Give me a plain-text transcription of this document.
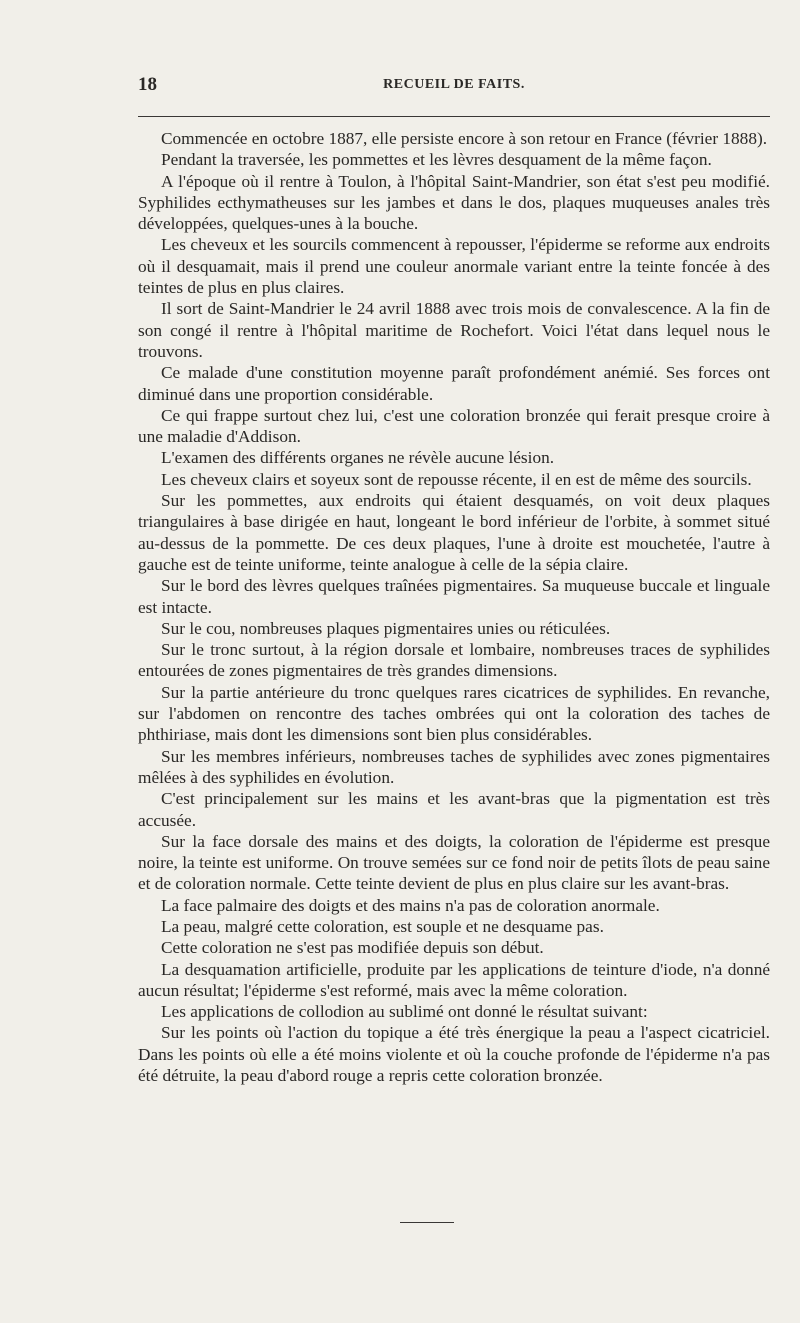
18	RECUEIL DE FAITS.

Commencée en octobre 1887, elle persiste encore à son retour en France (février 1888).

Pendant la traversée, les pommettes et les lèvres desquament de la même façon.

A l'époque où il rentre à Toulon, à l'hôpital Saint-Mandrier, son état s'est peu modifié. Syphilides ecthymatheuses sur les jambes et dans le dos, plaques muqueuses anales très développées, quelques-unes à la bouche.

Les cheveux et les sourcils commencent à repousser, l'épiderme se reforme aux endroits où il desquamait, mais il prend une couleur anormale variant entre la teinte foncée à des teintes de plus en plus claires.

Il sort de Saint-Mandrier le 24 avril 1888 avec trois mois de convalescence. A la fin de son congé il rentre à l'hôpital maritime de Rochefort. Voici l'état dans lequel nous le trouvons.

Ce malade d'une constitution moyenne paraît profondément anémié. Ses forces ont diminué dans une proportion considérable.

Ce qui frappe surtout chez lui, c'est une coloration bronzée qui ferait presque croire à une maladie d'Addison.

L'examen des différents organes ne révèle aucune lésion.

Les cheveux clairs et soyeux sont de repousse récente, il en est de même des sourcils.

Sur les pommettes, aux endroits qui étaient desquamés, on voit deux plaques triangulaires à base dirigée en haut, longeant le bord inférieur de l'orbite, à sommet situé au-dessus de la pommette. De ces deux plaques, l'une à droite est mouchetée, l'autre à gauche est de teinte uniforme, teinte analogue à celle de la sépia claire.

Sur le bord des lèvres quelques traînées pigmentaires. Sa muqueuse buccale et linguale est intacte.

Sur le cou, nombreuses plaques pigmentaires unies ou réticulées.

Sur le tronc surtout, à la région dorsale et lombaire, nombreuses traces de syphilides entourées de zones pigmentaires de très grandes dimensions.

Sur la partie antérieure du tronc quelques rares cicatrices de syphilides. En revanche, sur l'abdomen on rencontre des taches ombrées qui ont la coloration des taches de phthiriase, mais dont les dimensions sont bien plus considérables.

Sur les membres inférieurs, nombreuses taches de syphilides avec zones pigmentaires mêlées à des syphilides en évolution.

C'est principalement sur les mains et les avant-bras que la pigmentation est très accusée.

Sur la face dorsale des mains et des doigts, la coloration de l'épiderme est presque noire, la teinte est uniforme. On trouve semées sur ce fond noir de petits îlots de peau saine et de coloration normale. Cette teinte devient de plus en plus claire sur les avant-bras.

La face palmaire des doigts et des mains n'a pas de coloration anormale.

La peau, malgré cette coloration, est souple et ne desquame pas.

Cette coloration ne s'est pas modifiée depuis son début.

La desquamation artificielle, produite par les applications de teinture d'iode, n'a donné aucun résultat; l'épiderme s'est reformé, mais avec la même coloration.

Les applications de collodion au sublimé ont donné le résultat suivant:

Sur les points où l'action du topique a été très énergique la peau a l'aspect cicatriciel. Dans les points où elle a été moins violente et où la couche profonde de l'épiderme n'a pas été détruite, la peau d'abord rouge a repris cette coloration bronzée.
